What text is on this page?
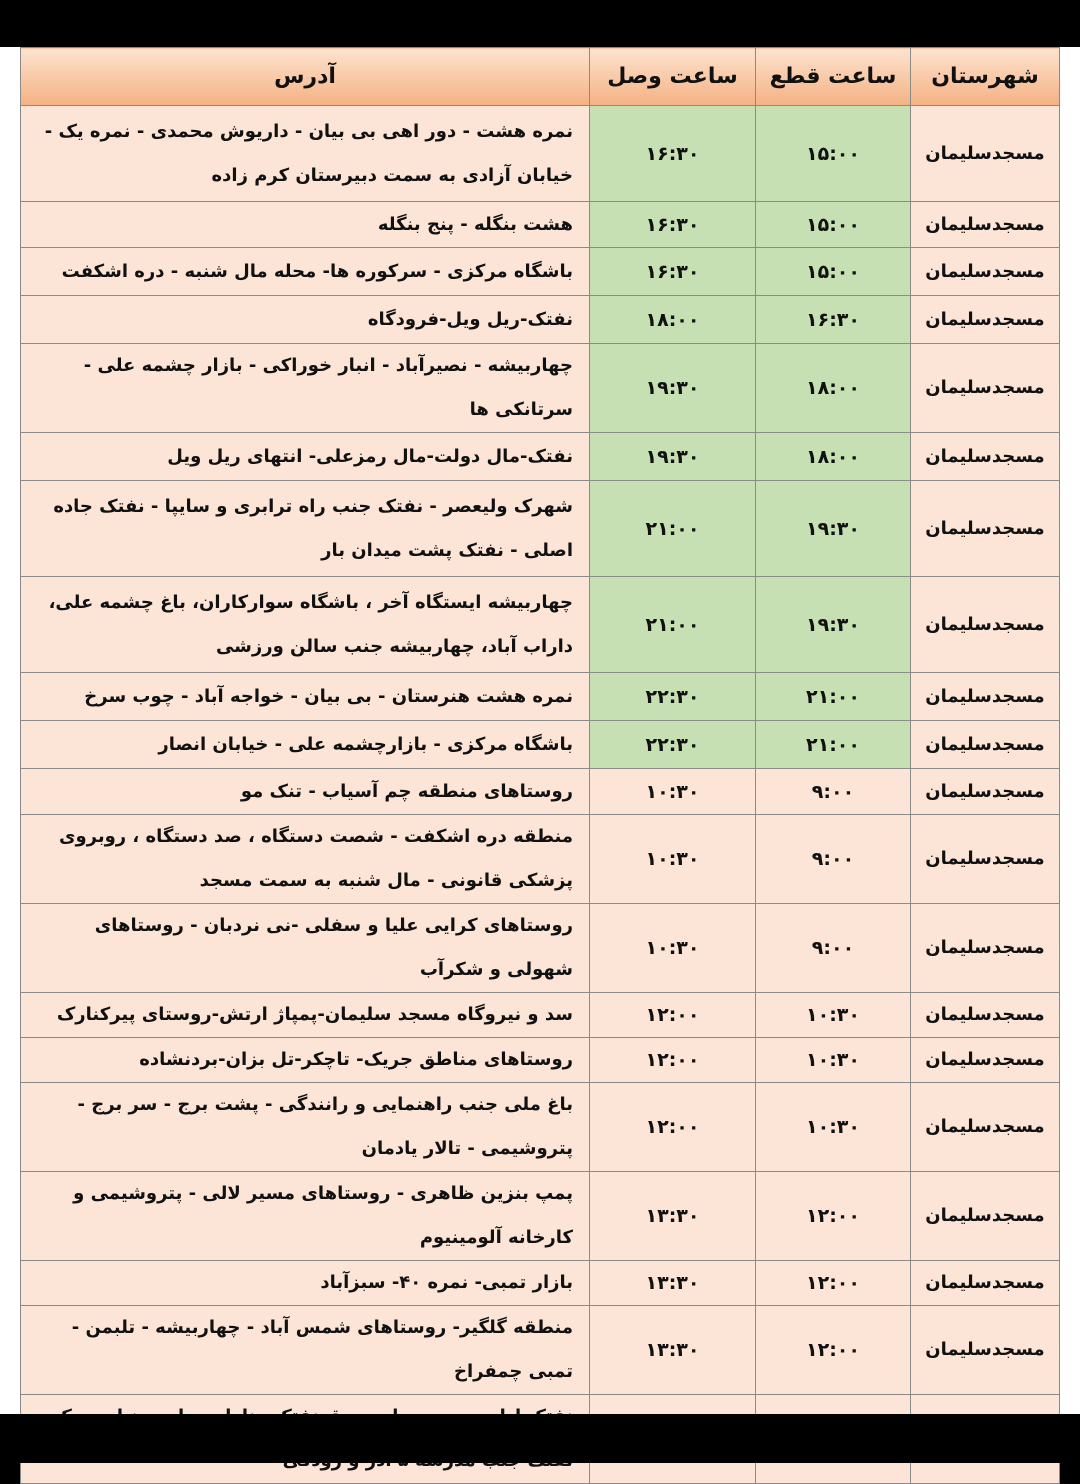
شهرستان	ساعت قطع	ساعت وصل	آدرس
مسجدسلیمان	۱۵:۰۰	۱۶:۳۰	نمره هشت - دور اهی بی بیان - داریوش محمدی - نمره یک - خیابان آزادی به سمت دبیرستان کرم زاده
مسجدسلیمان	۱۵:۰۰	۱۶:۳۰	هشت بنگله - پنج بنگله
مسجدسلیمان	۱۵:۰۰	۱۶:۳۰	باشگاه مرکزی - سرکوره ها- محله مال شنبه - دره اشکفت
مسجدسلیمان	۱۶:۳۰	۱۸:۰۰	نفتک-ریل ویل-فرودگاه
مسجدسلیمان	۱۸:۰۰	۱۹:۳۰	چهاربیشه - نصیرآباد - انبار خوراکی - بازار چشمه علی - سرتانکی ها
مسجدسلیمان	۱۸:۰۰	۱۹:۳۰	نفتک-مال دولت-مال رمزعلی- انتهای ریل ویل
مسجدسلیمان	۱۹:۳۰	۲۱:۰۰	شهرک ولیعصر - نفتک جنب راه ترابری و سایپا - نفتک جاده اصلی - نفتک پشت میدان بار
مسجدسلیمان	۱۹:۳۰	۲۱:۰۰	چهاربیشه ایستگاه آخر ، باشگاه سوارکاران، باغ چشمه علی، داراب آباد، چهاربیشه جنب سالن ورزشی
مسجدسلیمان	۲۱:۰۰	۲۲:۳۰	نمره هشت هنرستان - بی بیان - خواجه آباد - چوب سرخ
مسجدسلیمان	۲۱:۰۰	۲۲:۳۰	باشگاه مرکزی - بازارچشمه علی - خیابان انصار
مسجدسلیمان	۹:۰۰	۱۰:۳۰	روستاهای منطقه چم آسیاب - تنک مو
مسجدسلیمان	۹:۰۰	۱۰:۳۰	منطقه دره اشکفت - شصت دستگاه ، صد دستگاه ، روبروی پزشکی قانونی - مال شنبه به سمت مسجد
مسجدسلیمان	۹:۰۰	۱۰:۳۰	روستاهای کرایی علیا و سفلی -نی نردبان - روستاهای شهولی و شکرآب
مسجدسلیمان	۱۰:۳۰	۱۲:۰۰	سد و نیروگاه مسجد سلیمان-پمپاژ ارتش-روستای پیرکنارک
مسجدسلیمان	۱۰:۳۰	۱۲:۰۰	روستاهای مناطق جریک- تاچکر-تل بزان-بردنشاده
مسجدسلیمان	۱۰:۳۰	۱۲:۰۰	باغ ملی جنب راهنمایی و رانندگی - پشت برج - سر برج - پتروشیمی - تالار یادمان
مسجدسلیمان	۱۲:۰۰	۱۳:۳۰	پمپ بنزین ظاهری - روستاهای مسیر لالی - پتروشیمی و کارخانه آلومینیوم
مسجدسلیمان	۱۲:۰۰	۱۳:۳۰	بازار تمبی- نمره ۴۰- سبزآباد
مسجدسلیمان	۱۲:۰۰	۱۳:۳۰	منطقه گلگیر- روستاهای شمس آباد - چهاربیشه - تلبمن - تمبی چمفراخ
